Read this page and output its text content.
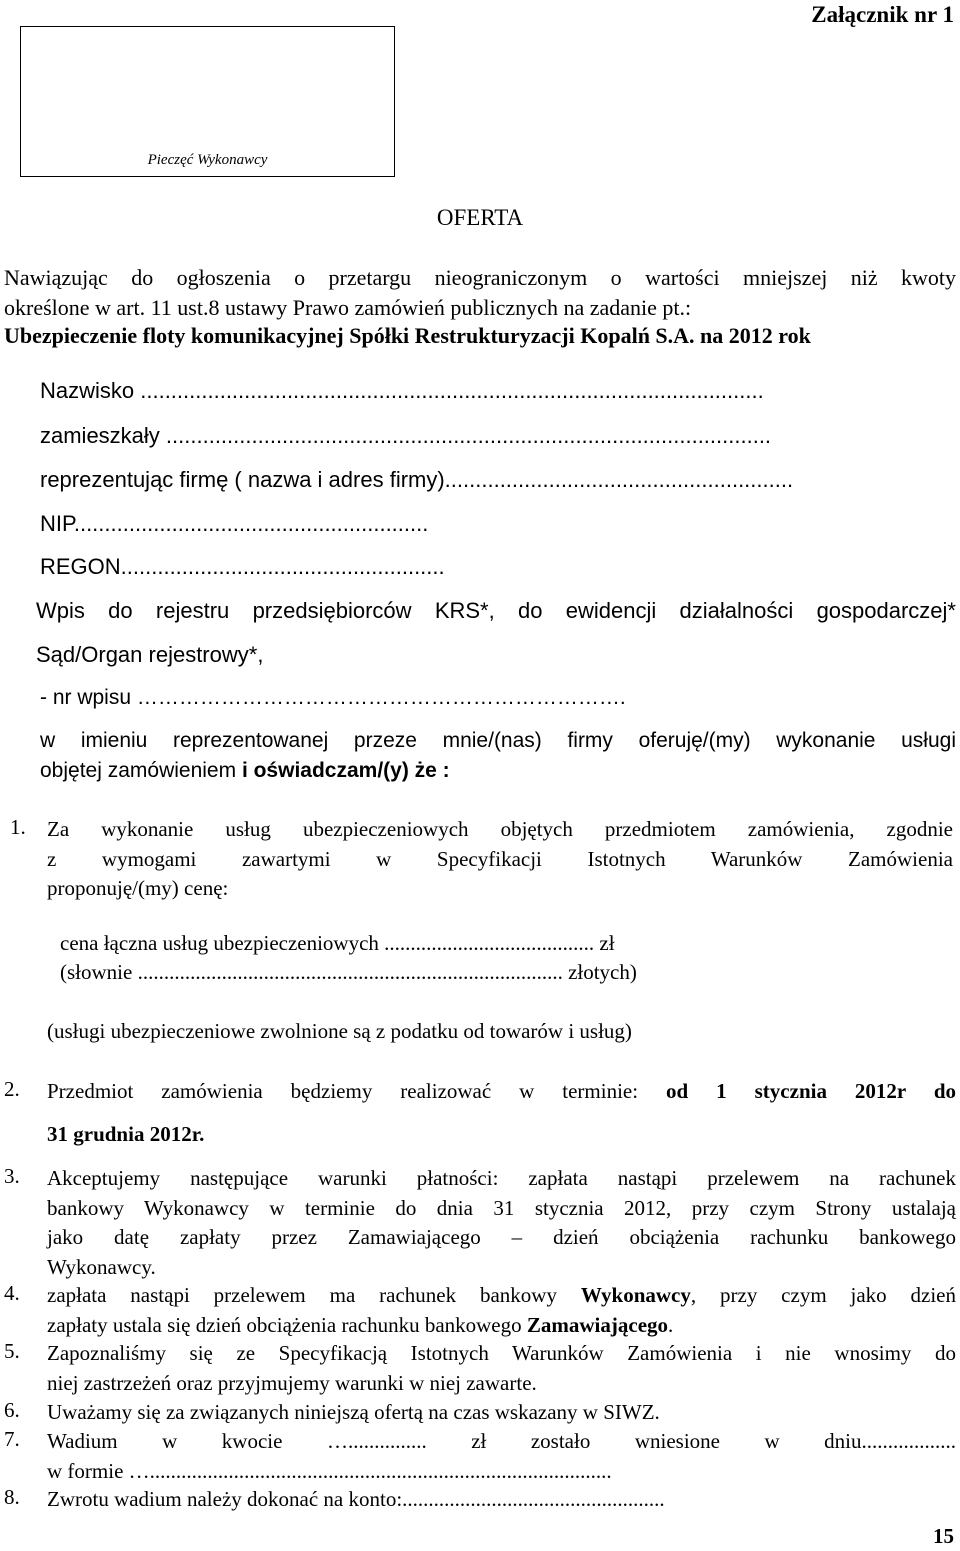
Załącznik nr 1
Pieczęć Wykonawcy
OFERTA
Nawiązując do ogłoszenia o przetargu nieograniczonym o wartości mniejszej niż kwoty
określone w art. 11 ust.8 ustawy Prawo zamówień publicznych na zadanie pt.:
Ubezpieczenie floty komunikacyjnej Spółki Restrukturyzacji Kopalń S.A. na 2012 rok
Nazwisko ......................................................................................................
zamieszkały ...................................................................................................
reprezentując firmę ( nazwa i adres firmy).........................................................
NIP..........................................................
REGON.....................................................
Wpis do rejestru przedsiębiorców KRS*, do ewidencji działalności gospodarczej*
Sąd/Organ rejestrowy*,
- nr wpisu …………………………………………………………….
w imieniu reprezentowanej przeze mnie/(nas) firmy oferuję/(my) wykonanie usługi
objętej zamówieniem i oświadczam/(y) że :
1. Za wykonanie usług ubezpieczeniowych objętych przedmiotem zamówienia, zgodnie
z wymogami zawartymi w Specyfikacji Istotnych Warunków Zamówienia
proponuję/(my) cenę:
cena łączna usług ubezpieczeniowych ........................................ zł
(słownie ................................................................................. złotych)
(usługi ubezpieczeniowe zwolnione są z podatku od towarów i usług)
2. Przedmiot zamówienia będziemy realizować w terminie: od 1 stycznia 2012r do
31 grudnia 2012r.
3. Akceptujemy następujące warunki płatności: zapłata nastąpi przelewem na rachunek
bankowy Wykonawcy w terminie do dnia 31 stycznia 2012, przy czym Strony ustalają
jako datę zapłaty przez Zamawiającego – dzień obciążenia rachunku bankowego
Wykonawcy.
4. zapłata nastąpi przelewem ma rachunek bankowy Wykonawcy, przy czym jako dzień
zapłaty ustala się dzień obciążenia rachunku bankowego Zamawiającego.
5. Zapoznaliśmy się ze Specyfikacją Istotnych Warunków Zamówienia i nie wnosimy do
niej zastrzeżeń oraz przyjmujemy warunki w niej zawarte.
6. Uważamy się za związanych niniejszą ofertą na czas wskazany w SIWZ.
7. Wadium w kwocie …............... zł zostało wniesione w dniu..................
w formie …........................................................................................
8. Zwrotu wadium należy dokonać na konto:..................................................
15
